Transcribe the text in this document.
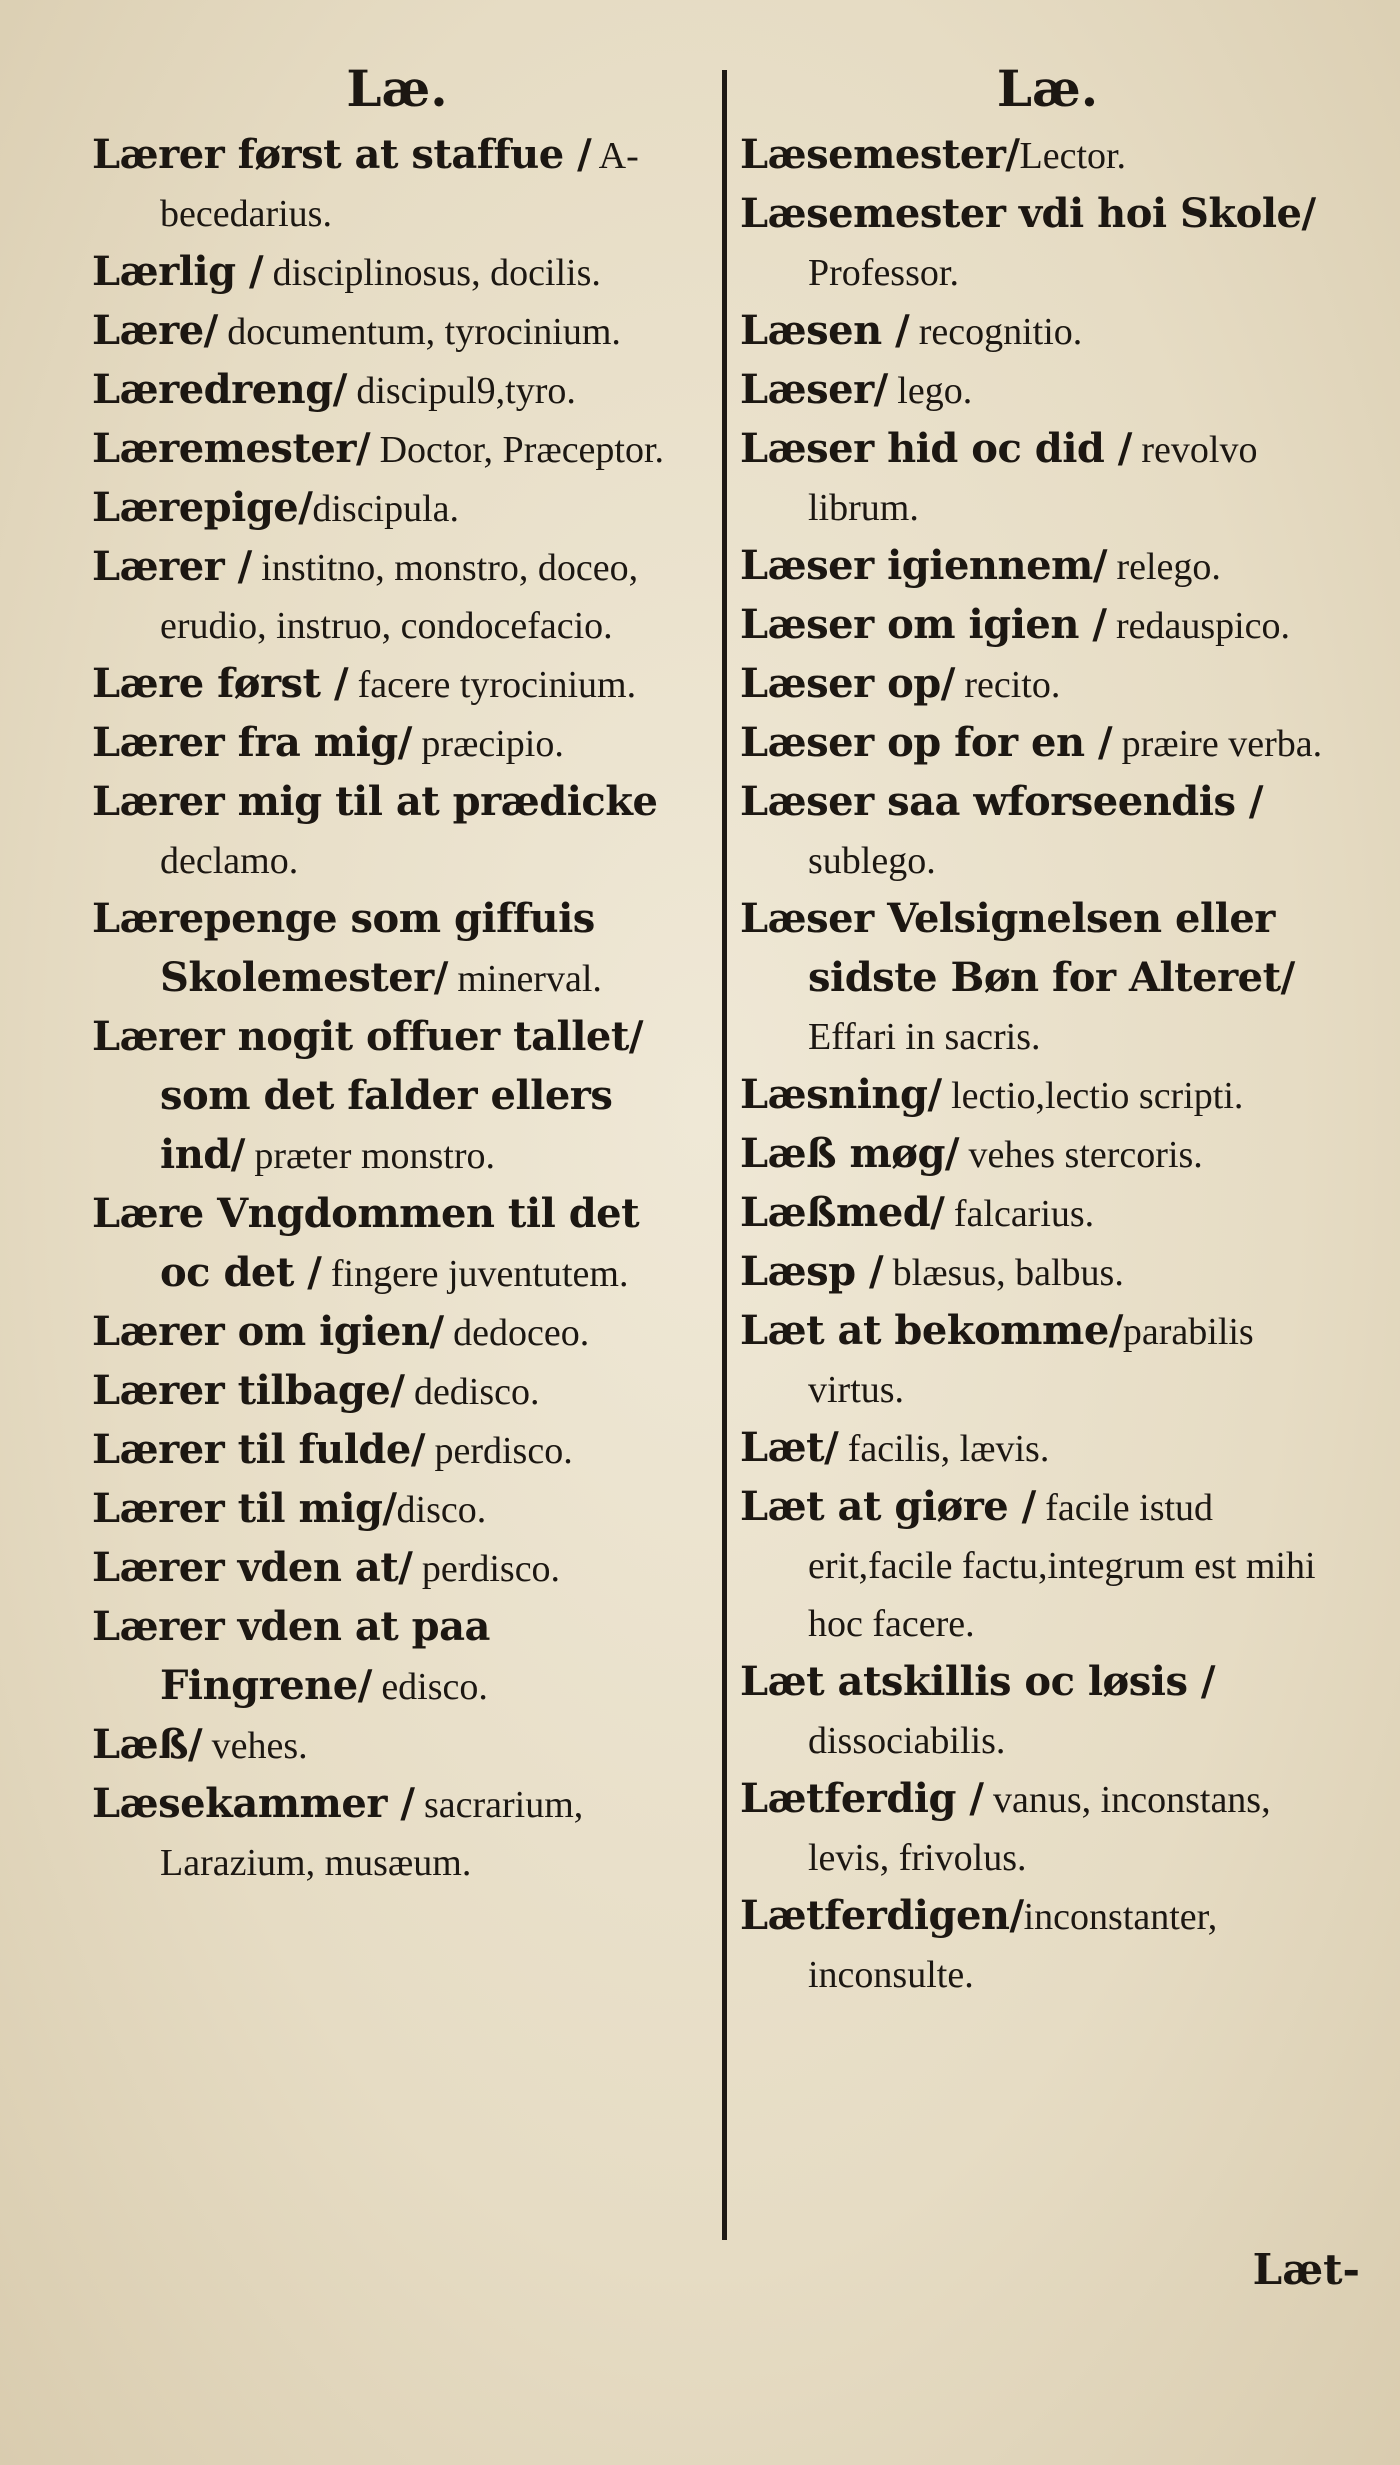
Læ.

Lærer først at staffue / A-becedarius.

Lærlig / disciplinosus, docilis.

Lære/ documentum, tyrocinium.

Læredreng/ discipul9,tyro.

Læremester/ Doctor, Præceptor.

Lærepige/discipula.

Lærer / institno, monstro, doceo, erudio, instruo, condocefacio.

Lære først / facere tyrocinium.

Lærer fra mig/ præcipio.

Lærer mig til at prædicke declamo.

Lærepenge som giffuis Skolemester/ minerval.

Lærer nogit offuer tallet/ som det falder ellers ind/ præter monstro.

Lære Vngdommen til det oc det / fingere juventutem.

Lærer om igien/ dedoceo.

Lærer tilbage/ dedisco.

Lærer til fulde/ perdisco.

Lærer til mig/disco.

Lærer vden at/ perdisco.

Lærer vden at paa Fingrene/ edisco.

Læß/ vehes.

Læsekammer / sacrarium, Larazium, musæum.

Læ.

Læsemester/Lector.

Læsemester vdi hoi Skole/ Professor.

Læsen / recognitio.

Læser/ lego.

Læser hid oc did / revolvo librum.

Læser igiennem/ relego.

Læser om igien / redauspico.

Læser op/ recito.

Læser op for en / præire verba.

Læser saa wforseendis / sublego.

Læser Velsignelsen eller sidste Bøn for Alteret/ Effari in sacris.

Læsning/ lectio,lectio scripti.

Læß møg/ vehes stercoris.

Læßmed/ falcarius.

Læsp / blæsus, balbus.

Læt at bekomme/parabilis virtus.

Læt/ facilis, lævis.

Læt at giøre / facile istud erit,facile factu,integrum est mihi hoc facere.

Læt atskillis oc løsis / dissociabilis.

Lætferdig / vanus, inconstans, levis, frivolus.

Lætferdigen/inconstanter, inconsulte.

Læt-
